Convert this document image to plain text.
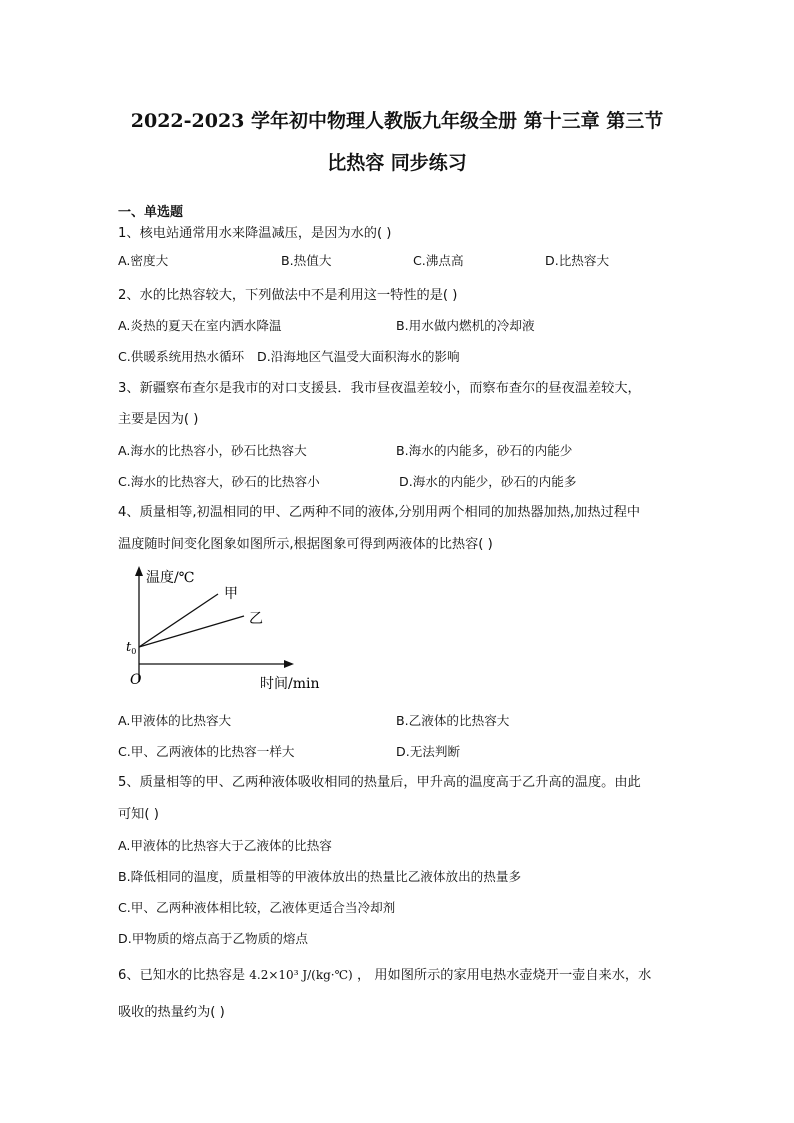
2022-2023 学年初中物理人教版九年级全册 第十三章 第三节
比热容 同步练习
一、单选题
1、核电站通常用水来降温减压，是因为水的( )
A.密度大	B.热值大	C.沸点高	D.比热容大
2、水的比热容较大，下列做法中不是利用这一特性的是( )
A.炎热的夏天在室内洒水降温	B.用水做内燃机的冷却液
C.供暖系统用热水循环 D.沿海地区气温受大面积海水的影响
3、新疆察布查尔是我市的对口支援县．我市昼夜温差较小，而察布查尔的昼夜温差较大，
主要是因为( )
A.海水的比热容小，砂石比热容大	B.海水的内能多，砂石的内能少
C.海水的比热容大，砂石的比热容小	D.海水的内能少，砂石的内能多
4、质量相等,初温相同的甲、乙两种不同的液体,分别用两个相同的加热器加热,加热过程中
温度随时间变化图象如图所示,根据图象可得到两液体的比热容( )
温度/℃
甲
乙
$t_0$
O	时间/min
A.甲液体的比热容大	B.乙液体的比热容大
C.甲、乙两液体的比热容一样大	D.无法判断
5、质量相等的甲、乙两种液体吸收相同的热量后，甲升高的温度高于乙升高的温度。由此
可知( )
A.甲液体的比热容大于乙液体的比热容
B.降低相同的温度，质量相等的甲液体放出的热量比乙液体放出的热量多
C.甲、乙两种液体相比较，乙液体更适合当冷却剂
D.甲物质的熔点高于乙物质的熔点
6、已知水的比热容是 4.2×10³ J/(kg·℃) ， 用如图所示的家用电热水壶烧开一壶自来水，水
吸收的热量约为( )
